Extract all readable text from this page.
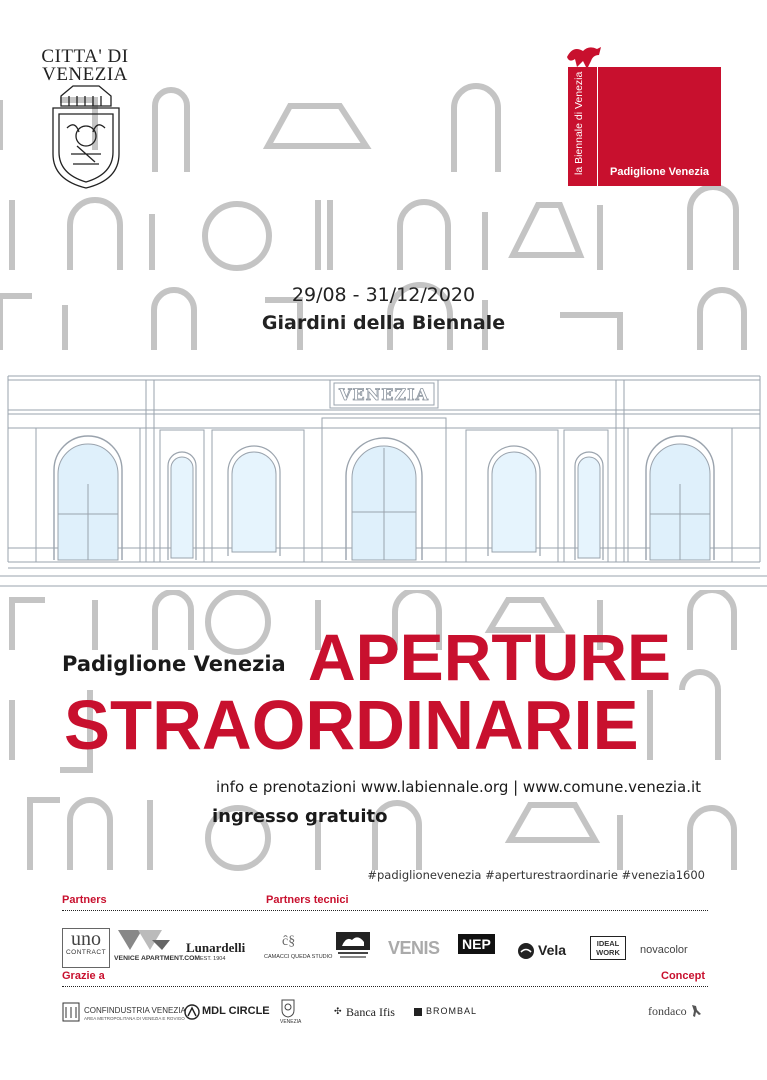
CITTA' DI
VENEZIA	la Biennale di Venezia Padiglione Venezia
29/08 - 31/12/2020
Giardini della Biennale
VENEZIA
Padiglione Venezia APERTURE
STRAORDINARIE
info e prenotazioni www.labiennale.org | www.comune.venezia.it
ingresso gratuito
#padiglionevenezia #aperturestraordinarie #venezia1600
Partners	Partners tecnici
uno
CONTRACT
VENICE APARTMENT.COM
Lunardelli
EST. 1904
ĉ§
CAMACCI QUEDA STUDIO	VENIS NEP	Vela	IDEAL WORK	novacolor
Grazie a	Concept
CONFINDUSTRIA VENEZIA
AREA METROPOLITANA DI VENEZIA E ROVIGO
MDL CIRCLE
VENEZIA
✣ Banca Ifis	BROMBAL	fondaco
